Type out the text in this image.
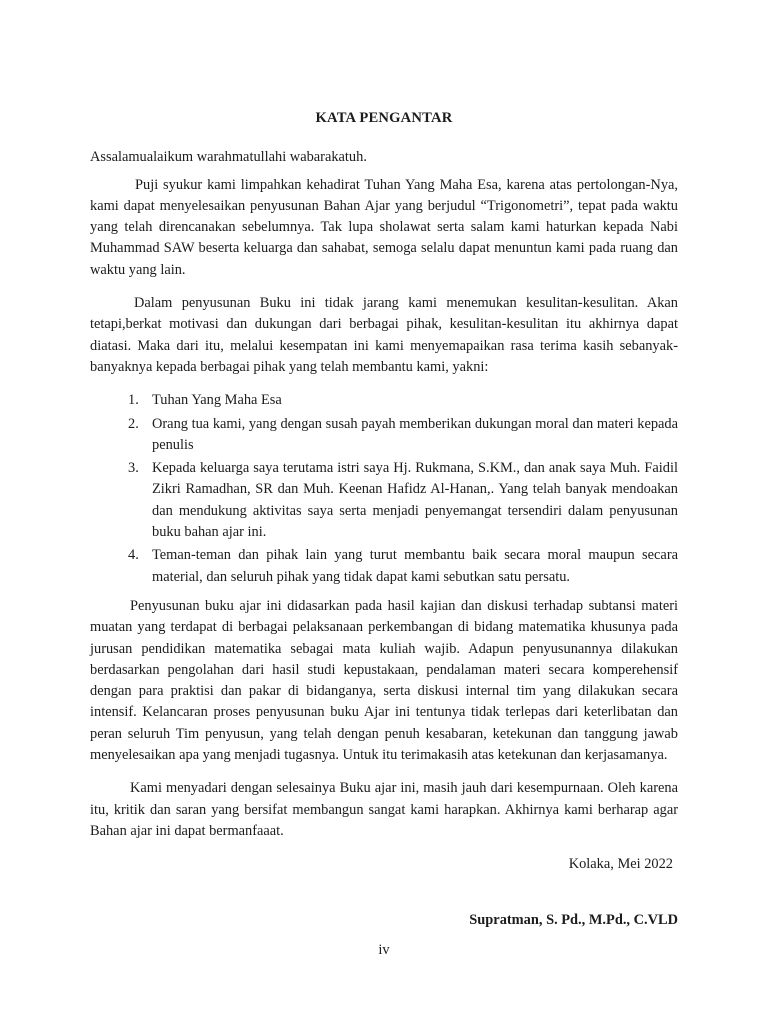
KATA PENGANTAR

Assalamualaikum warahmatullahi wabarakatuh.

Puji syukur kami limpahkan kehadirat Tuhan Yang Maha Esa, karena atas pertolongan-Nya, kami dapat menyelesaikan penyusunan Bahan Ajar yang berjudul “Trigonometri”, tepat pada waktu yang telah direncanakan sebelumnya. Tak lupa sholawat serta salam kami haturkan kepada Nabi Muhammad SAW beserta keluarga dan sahabat, semoga selalu dapat menuntun kami pada ruang dan waktu yang lain.

Dalam penyusunan Buku ini tidak jarang kami menemukan kesulitan-kesulitan. Akan tetapi,berkat motivasi dan dukungan dari berbagai pihak, kesulitan-kesulitan itu akhirnya dapat diatasi. Maka dari itu, melalui kesempatan ini kami menyemapaikan rasa terima kasih sebanyak-banyaknya kepada berbagai pihak yang telah membantu kami, yakni:

1. Tuhan Yang Maha Esa
2. Orang tua kami, yang dengan susah payah memberikan dukungan moral dan materi kepada penulis
3. Kepada keluarga saya terutama istri saya Hj. Rukmana, S.KM., dan anak saya Muh. Faidil Zikri Ramadhan, SR dan Muh. Keenan Hafidz Al-Hanan,. Yang telah banyak mendoakan dan mendukung aktivitas saya serta menjadi penyemangat tersendiri dalam penyusunan buku bahan ajar ini.
4. Teman-teman dan pihak lain yang turut membantu baik secara moral maupun secara material, dan seluruh pihak yang tidak dapat kami sebutkan satu persatu.

Penyusunan buku ajar ini didasarkan pada hasil kajian dan diskusi terhadap subtansi materi muatan yang terdapat di berbagai pelaksanaan perkembangan di bidang matematika khusunya pada jurusan pendidikan matematika sebagai mata kuliah wajib. Adapun penyusunannya dilakukan berdasarkan pengolahan dari hasil studi kepustakaan, pendalaman materi secara komperehensif dengan para praktisi dan pakar di bidanganya, serta diskusi internal tim yang dilakukan secara intensif. Kelancaran proses penyusunan buku Ajar ini tentunya tidak terlepas dari keterlibatan dan peran seluruh Tim penyusun, yang telah dengan penuh kesabaran, ketekunan dan tanggung jawab menyelesaikan apa yang menjadi tugasnya. Untuk itu terimakasih atas ketekunan dan kerjasamanya.

Kami menyadari dengan selesainya Buku ajar ini, masih jauh dari kesempurnaan. Oleh karena itu, kritik dan saran yang bersifat membangun sangat kami harapkan. Akhirnya kami berharap agar Bahan ajar ini dapat bermanfaaat.

Kolaka, Mei 2022
Supratman, S. Pd., M.Pd., C.VLD
iv
